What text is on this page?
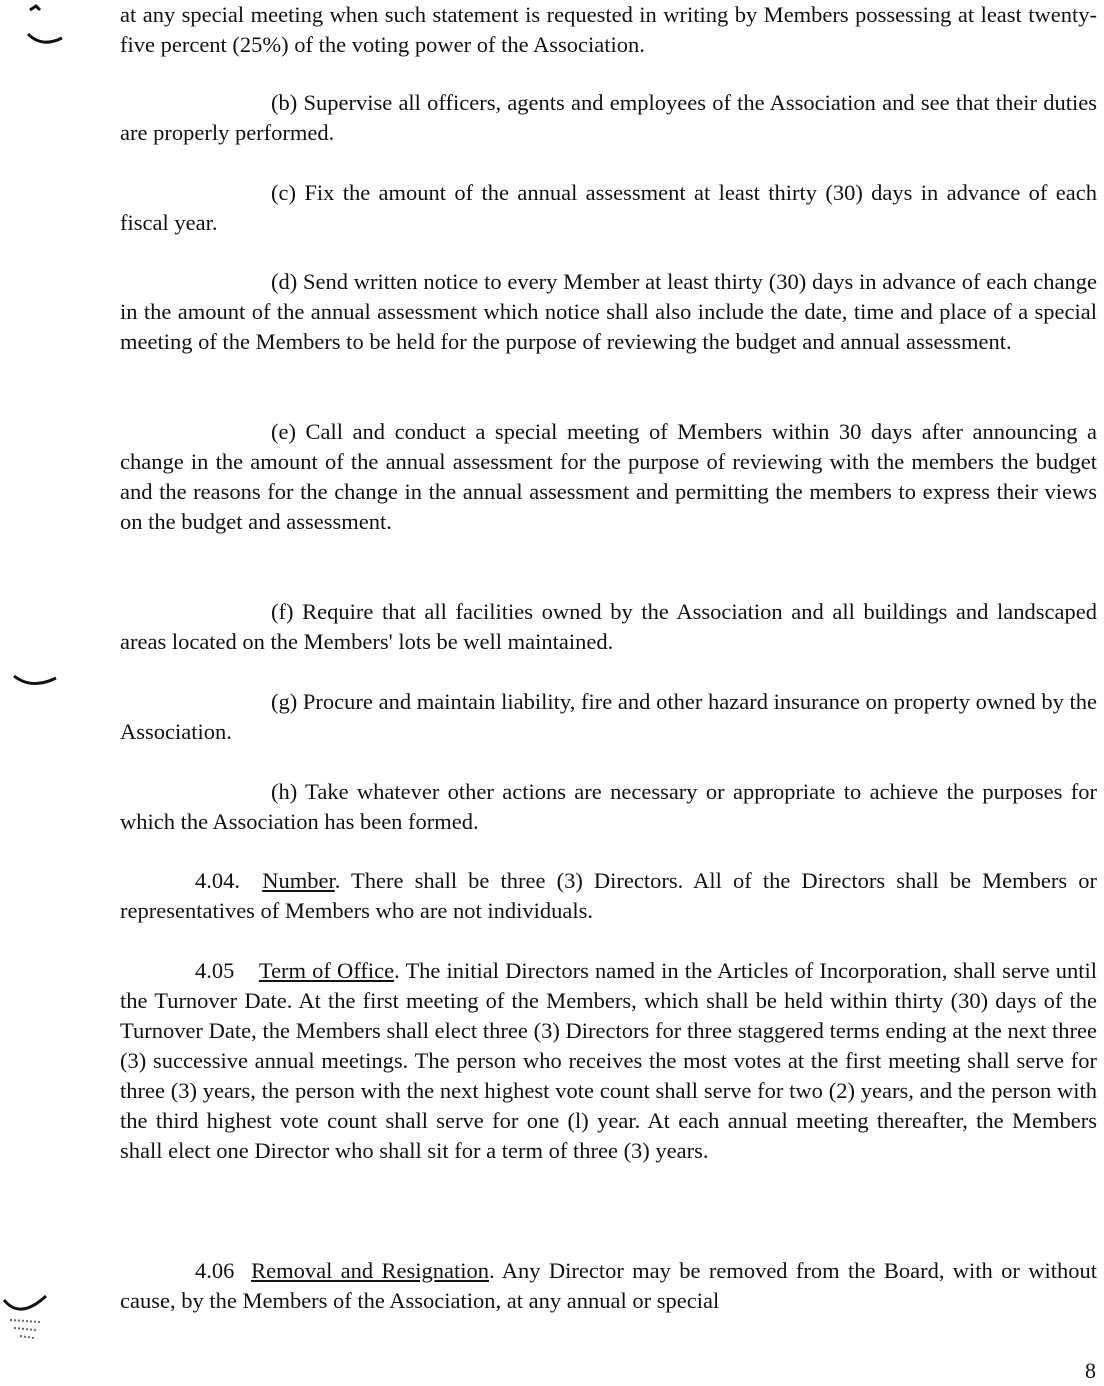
at any special meeting when such statement is requested in writing by Members possessing at least twenty-five percent (25%) of the voting power of the Association.

(b) Supervise all officers, agents and employees of the Association and see that their duties are properly performed.

(c) Fix the amount of the annual assessment at least thirty (30) days in advance of each fiscal year.

(d) Send written notice to every Member at least thirty (30) days in advance of each change in the amount of the annual assessment which notice shall also include the date, time and place of a special meeting of the Members to be held for the purpose of reviewing the budget and annual assessment.

(e) Call and conduct a special meeting of Members within 30 days after announcing a change in the amount of the annual assessment for the purpose of reviewing with the members the budget and the reasons for the change in the annual assessment and permitting the members to express their views on the budget and assessment.

(f) Require that all facilities owned by the Association and all buildings and landscaped areas located on the Members' lots be well maintained.

(g) Procure and maintain liability, fire and other hazard insurance on property owned by the Association.

(h) Take whatever other actions are necessary or appropriate to achieve the purposes for which the Association has been formed.

4.04. Number. There shall be three (3) Directors. All of the Directors shall be Members or representatives of Members who are not individuals.

4.05 Term of Office. The initial Directors named in the Articles of Incorporation, shall serve until the Turnover Date. At the first meeting of the Members, which shall be held within thirty (30) days of the Turnover Date, the Members shall elect three (3) Directors for three staggered terms ending at the next three (3) successive annual meetings. The person who receives the most votes at the first meeting shall serve for three (3) years, the person with the next highest vote count shall serve for two (2) years, and the person with the third highest vote count shall serve for one (l) year. At each annual meeting thereafter, the Members shall elect one Director who shall sit for a term of three (3) years.

4.06 Removal and Resignation. Any Director may be removed from the Board, with or without cause, by the Members of the Association, at any annual or special

8
